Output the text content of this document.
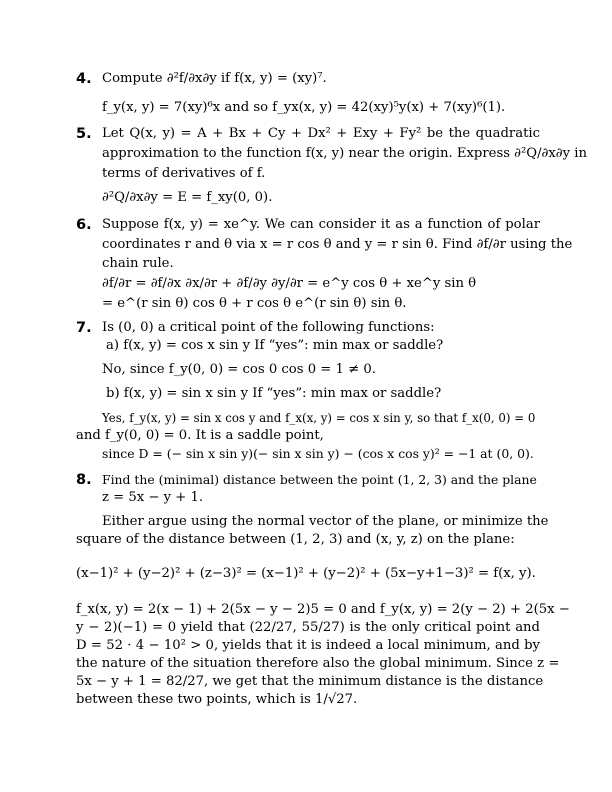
4. Compute ∂²f/∂x∂y if f(x, y) = (xy)⁷.
f_y(x, y) = 7(xy)⁶x and so f_yx(x, y) = 42(xy)⁵y(x) + 7(xy)⁶(1).
5. Let Q(x, y) = A + Bx + Cy + Dx² + Exy + Fy² be the quadratic
approximation to the function f(x, y) near the origin. Express ∂²Q/∂x∂y in
terms of derivatives of f.
∂²Q/∂x∂y = E = f_xy(0, 0).
6. Suppose f(x, y) = xe^y. We can consider it as a function of polar
coordinates r and θ via x = r cos θ and y = r sin θ. Find ∂f/∂r using the
chain rule.
∂f/∂r = ∂f/∂x ∂x/∂r + ∂f/∂y ∂y/∂r = e^y cos θ + xe^y sin θ
= e^(r sin θ) cos θ + r cos θ e^(r sin θ) sin θ.
7. Is (0, 0) a critical point of the following functions:
a) f(x, y) = cos x sin y If “yes”: min max or saddle?
No, since f_y(0, 0) = cos 0 cos 0 = 1 ≠ 0.
b) f(x, y) = sin x sin y If “yes”: min max or saddle?
Yes, f_y(x, y) = sin x cos y and f_x(x, y) = cos x sin y, so that f_x(0, 0) = 0
and f_y(0, 0) = 0. It is a saddle point,
since D = (− sin x sin y)(− sin x sin y) − (cos x cos y)² = −1 at (0, 0).
8. Find the (minimal) distance between the point (1, 2, 3) and the plane
z = 5x − y + 1.
Either argue using the normal vector of the plane, or minimize the
square of the distance between (1, 2, 3) and (x, y, z) on the plane:
(x−1)² + (y−2)² + (z−3)² = (x−1)² + (y−2)² + (5x−y+1−3)² = f(x, y).
f_x(x, y) = 2(x − 1) + 2(5x − y − 2)5 = 0 and f_y(x, y) = 2(y − 2) + 2(5x −
y − 2)(−1) = 0 yield that (22/27, 55/27) is the only critical point and
D = 52 · 4 − 10² > 0, yields that it is indeed a local minimum, and by
the nature of the situation therefore also the global minimum. Since z =
5x − y + 1 = 82/27, we get that the minimum distance is the distance
between these two points, which is 1/√27.
